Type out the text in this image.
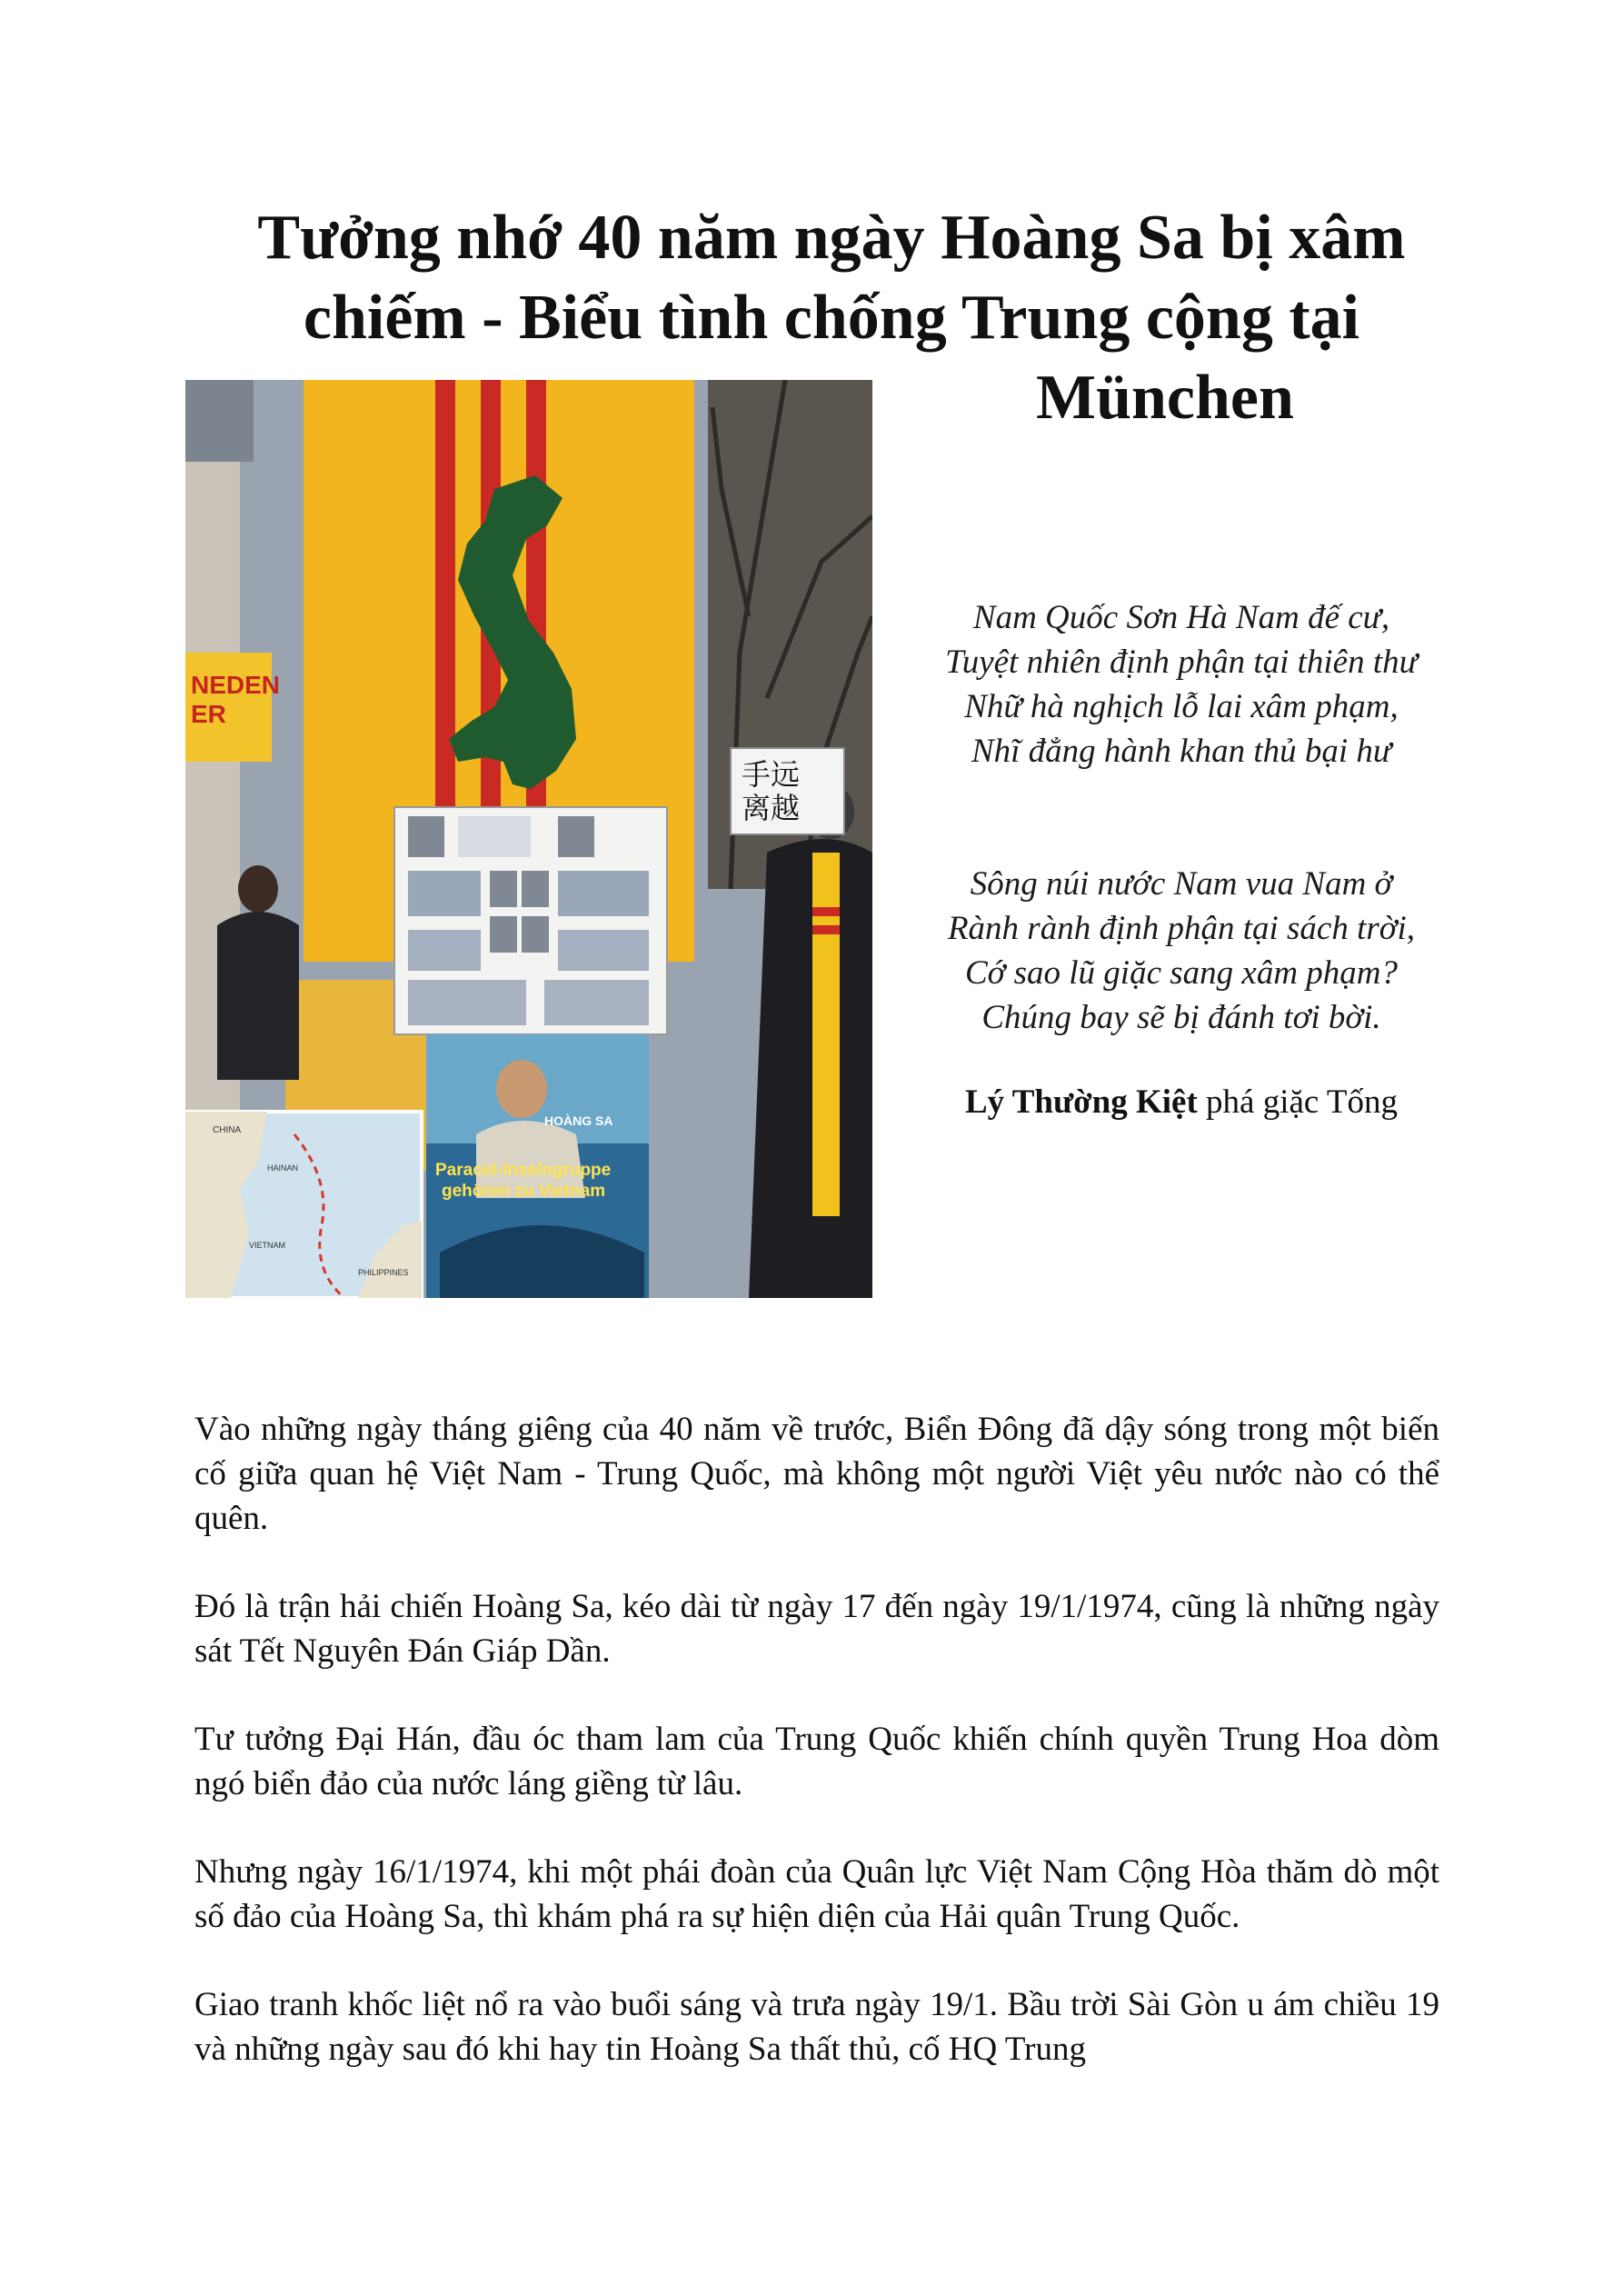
Tưởng nhớ 40 năm ngày Hoàng Sa bị xâm
chiếm - Biểu tình chống Trung cộng tại
München
NEDEN ER
手远离越
HOÀNG SA
Paracel-Inselngruppe
gehören zu Vietnam
CHINA
HAINAN
VIETNAM
PHILIPPINES
Nam Quốc Sơn Hà Nam đế cư,
Tuyệt nhiên định phận tại thiên thư
Nhữ hà nghịch lỗ lai xâm phạm,
Nhĩ đẳng hành khan thủ bại hư
Sông núi nước Nam vua Nam ở
Rành rành định phận tại sách trời,
Cớ sao lũ giặc sang xâm phạm?
Chúng bay sẽ bị đánh tơi bời.
Lý Thường Kiệt phá giặc Tống

Vào những ngày tháng giêng của 40 năm về trước, Biển Đông đã dậy sóng trong một biến cố giữa quan hệ Việt Nam - Trung Quốc, mà không một người Việt yêu nước nào có thể quên.

Đó là trận hải chiến Hoàng Sa, kéo dài từ ngày 17 đến ngày 19/1/1974, cũng là những ngày sát Tết Nguyên Đán Giáp Dần.

Tư tưởng Đại Hán, đầu óc tham lam của Trung Quốc khiến chính quyền Trung Hoa dòm ngó biển đảo của nước láng giềng từ lâu.

Nhưng ngày 16/1/1974, khi một phái đoàn của Quân lực Việt Nam Cộng Hòa thăm dò một số đảo của Hoàng Sa, thì khám phá ra sự hiện diện của Hải quân Trung Quốc.

Giao tranh khốc liệt nổ ra vào buổi sáng và trưa ngày 19/1. Bầu trời Sài Gòn u ám chiều 19 và những ngày sau đó khi hay tin Hoàng Sa thất thủ, cố HQ Trung
